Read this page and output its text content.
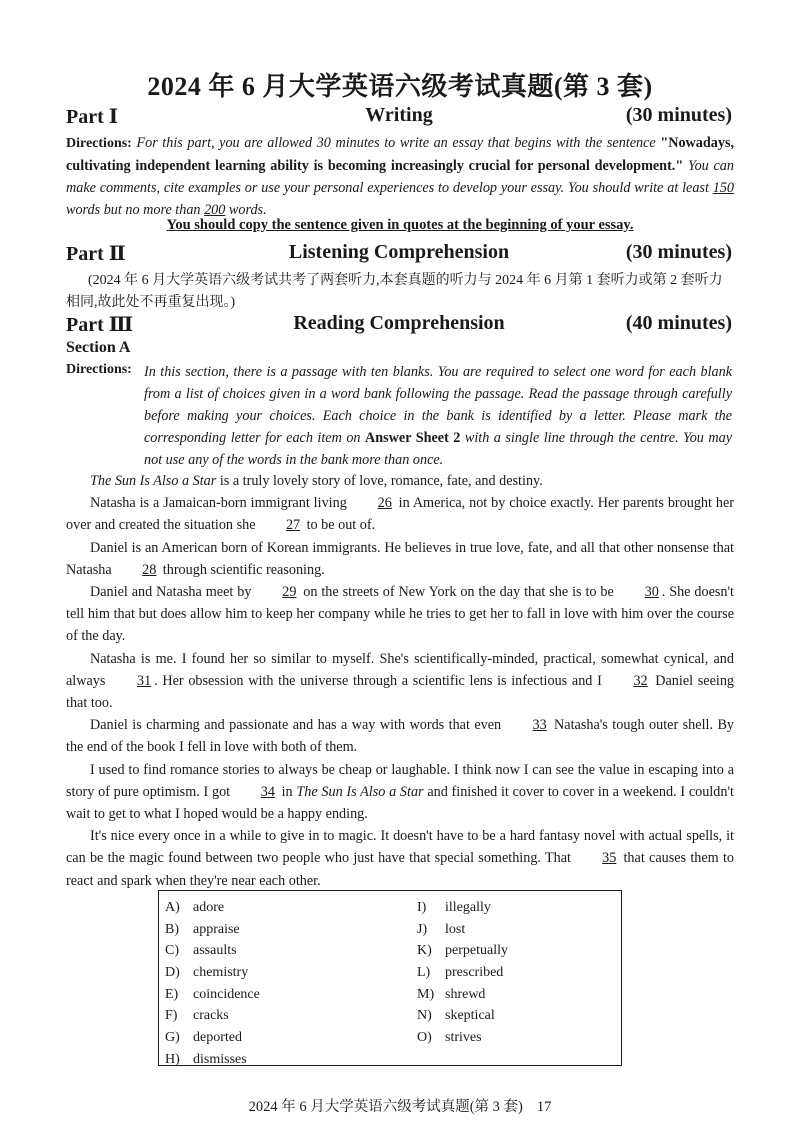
2024 年 6 月大学英语六级考试真题(第 3 套)
Part Ⅰ	Writing	(30 minutes)
Directions: For this part, you are allowed 30 minutes to write an essay that begins with the sentence "Nowadays, cultivating independent learning ability is becoming increasingly crucial for personal development." You can make comments, cite examples or use your personal experiences to develop your essay. You should write at least 150 words but no more than 200 words.
You should copy the sentence given in quotes at the beginning of your essay.
Part Ⅱ	Listening Comprehension	(30 minutes)
(2024 年 6 月大学英语六级考试共考了两套听力,本套真题的听力与 2024 年 6 月第 1 套听力或第 2 套听力相同,故此处不再重复出现。)
Part Ⅲ	Reading Comprehension	(40 minutes)
Section A
Directions: In this section, there is a passage with ten blanks. You are required to select one word for each blank from a list of choices given in a word bank following the passage. Read the passage through carefully before making your choices. Each choice in the bank is identified by a letter. Please mark the corresponding letter for each item on Answer Sheet 2 with a single line through the centre. You may not use any of the words in the bank more than once.

The Sun Is Also a Star is a truly lovely story of love, romance, fate, and destiny.

Natasha is a Jamaican-born immigrant living 26 in America, not by choice exactly. Her parents brought her over and created the situation she 27 to be out of.

Daniel is an American born of Korean immigrants. He believes in true love, fate, and all that other nonsense that Natasha 28 through scientific reasoning.

Daniel and Natasha meet by 29 on the streets of New York on the day that she is to be 30 . She doesn't tell him that but does allow him to keep her company while he tries to get her to fall in love with him over the course of the day.

Natasha is me. I found her so similar to myself. She's scientifically-minded, practical, somewhat cynical, and always 31 . Her obsession with the universe through a scientific lens is infectious and I 32 Daniel seeing that too.

Daniel is charming and passionate and has a way with words that even 33 Natasha's tough outer shell. By the end of the book I fell in love with both of them.

I used to find romance stories to always be cheap or laughable. I think now I can see the value in escaping into a story of pure optimism. I got 34 in The Sun Is Also a Star and finished it cover to cover in a weekend. I couldn't wait to get to what I hoped would be a happy ending.

It's nice every once in a while to give in to magic. It doesn't have to be a hard fantasy novel with actual spells, it can be the magic found between two people who just have that special something. That 35 that causes them to react and spark when they're near each other.

A) adore
B) appraise
C) assaults
D) chemistry
E) coincidence
F) cracks
G) deported
H) dismisses
I) illegally
J) lost
K) perpetually
L) prescribed
M) shrewd
N) skeptical
O) strives
2024 年 6 月大学英语六级考试真题(第 3 套) 17
